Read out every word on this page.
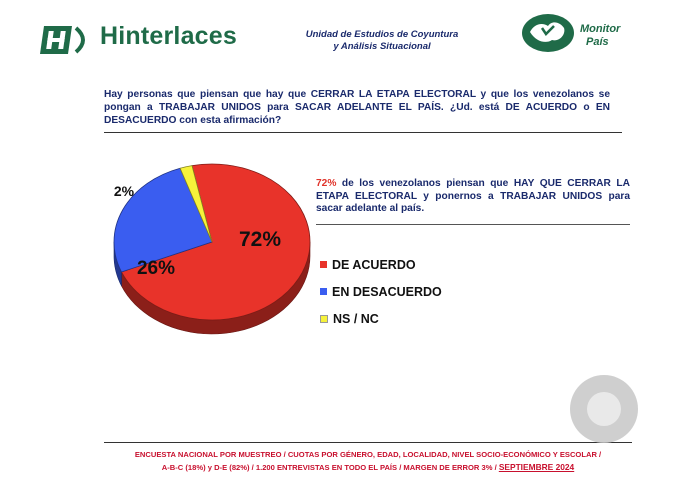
Hinterlaces	Unidad de Estudios de Coyuntura
y Análisis Situacional
Monitor
País
Hay personas que piensan que hay que CERRAR LA ETAPA ELECTORAL y que los venezolanos se pongan a TRABAJAR UNIDOS para SACAR ADELANTE EL PAÍS. ¿Ud. está DE ACUERDO o EN DESACUERDO con esta afirmación?
72%
26%
2%	72% de los venezolanos piensan que HAY QUE CERRAR LA ETAPA ELECTORAL y ponernos a TRABAJAR UNIDOS para sacar adelante al país.
DE ACUERDO
EN DESACUERDO
NS / NC
ENCUESTA NACIONAL POR MUESTREO / CUOTAS POR GÉNERO, EDAD, LOCALIDAD, NIVEL SOCIO-ECONÓMICO Y ESCOLAR /
A-B-C (18%) y D-E (82%) / 1.200 ENTREVISTAS EN TODO EL PAÍS / MARGEN DE ERROR 3% / SEPTIEMBRE 2024
